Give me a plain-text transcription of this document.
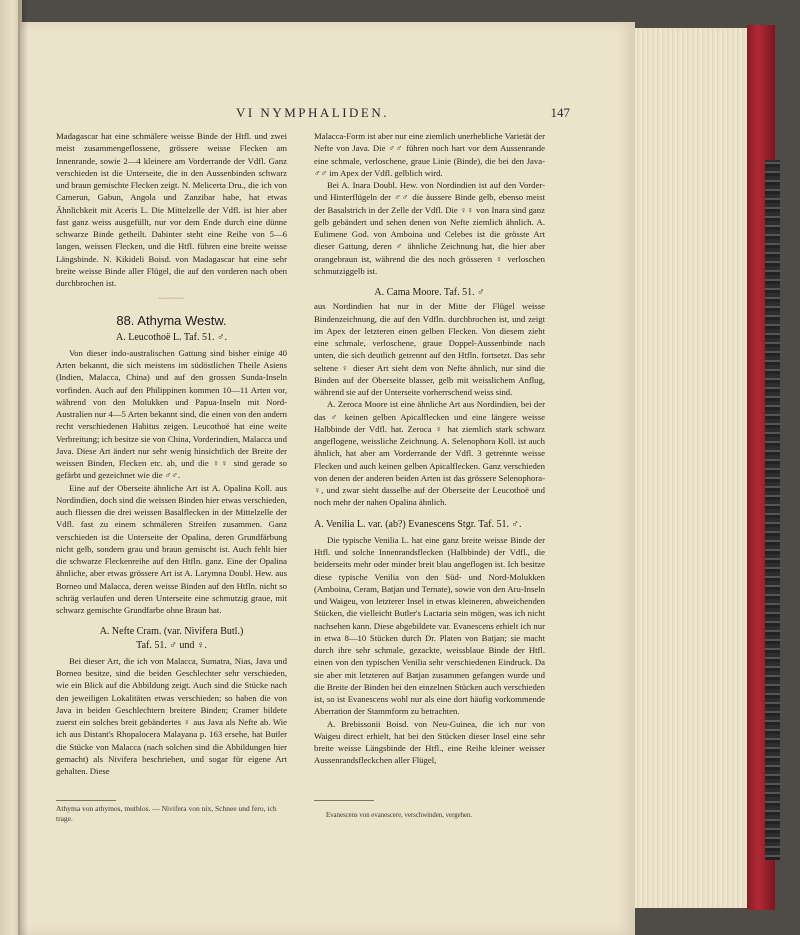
VI NYMPHALIDEN.	147

Madagascar hat eine schmälere weisse Binde der Htfl. und zwei meist zusammengeflossene, grössere weisse Flecken am Innenrande, sowie 2—4 kleinere am Vorderrande der Vdfl. Ganz verschieden ist die Unterseite, die in den Aussenbinden schwarz und braun gemischte Flecken zeigt. N. Melicerta Dru., die ich von Camerun, Gabun, Angola und Zanzibar habe, hat etwas Ähnlichkeit mit Aceris L. Die Mittelzelle der Vdfl. ist hier aber fast ganz weiss ausgefüllt, nur vor dem Ende durch eine dünne schwarze Binde getheilt. Dahinter steht eine Reihe von 5—6 langen, weissen Flecken, und die Htfl. führen eine breite weisse Längsbinde. N. Kikideli Boisd. von Madagascar hat eine sehr breite weisse Binde aller Flügel, die auf den vorderen nach oben durchbrochen ist.

~~~~~~
88. Athyma Westw.
A. Leucothoë L. Taf. 51. ♂.

Von dieser indo-australischen Gattung sind bisher einige 40 Arten bekannt, die sich meistens im südöstlichen Theile Asiens (Indien, Malacca, China) und auf den grossen Sunda-Inseln vorfinden. Auch auf den Philippinen kommen 10—11 Arten vor, während von den Molukken und Papua-Inseln mit Nord-Australien nur 4—5 Arten bekannt sind, die einen von den andern recht verschiedenen Habitus zeigen. Leucothoë hat eine weite Verbreitung; ich besitze sie von China, Vorderindien, Malacca und Java. Diese Art ändert nur sehr wenig hinsichtlich der Breite der weissen Binden, Flecken etc. ab, und die ♀♀ sind gerade so gefärbt und gezeichnet wie die ♂♂.

Eine auf der Oberseite ähnliche Art ist A. Opalina Koll. aus Nordindien, doch sind die weissen Binden hier etwas verschieden, auch fliessen die drei weissen Basalflecken in der Mittelzelle der Vdfl. fast zu einem schmäleren Streifen zusammen. Ganz verschieden ist die Unterseite der Opalina, deren Grundfärbung nicht gelb, sondern grau und braun gemischt ist. Auch fehlt hier die schwarze Fleckenreihe auf den Htfln. ganz. Eine der Opalina ähnliche, aber etwas grössere Art ist A. Larymna Doubl. Hew. aus Borneo und Malacca, deren weisse Binden auf den Htfln. nicht so schräg verlaufen und deren Unterseite eine schmutzig graue, mit schwarz gemischte Grundfarbe ohne Braun hat.

A. Nefte Cram. (var. Nivifera Butl.)
Taf. 51. ♂ und ♀.

Bei dieser Art, die ich von Malacca, Sumatra, Nias, Java und Borneo besitze, sind die beiden Geschlechter sehr verschieden, wie ein Blick auf die Abbildung zeigt. Auch sind die Stücke nach den jeweiligen Lokalitäten etwas verschieden; so haben die von Java in beiden Geschlechtern breitere Binden; Cramer bildete zuerst ein solches breit gebändertes ♀ aus Java als Nefte ab. Wie ich aus Distant's Rhopalocera Malayana p. 163 ersehe, hat Butler die Stücke von Malacca (nach solchen sind die Abbildungen hier gemacht) als Nivifera beschrieben, und sogar für eigene Art gehalten. Diese

Malacca-Form ist aber nur eine ziemlich unerhebliche Varietät der Nefte von Java. Die ♂♂ führen noch hart vor dem Aussenrande eine schmale, verloschene, graue Linie (Binde), die bei den Java-♂♂ im Apex der Vdfl. gelblich wird.

Bei A. Inara Doubl. Hew. von Nordindien ist auf den Vorder- und Hinterflügeln der ♂♂ die äussere Binde gelb, ebenso meist der Basalstrich in der Zelle der Vdfl. Die ♀♀ von Inara sind ganz gelb gebändert und sehen denen von Nefte ziemlich ähnlich. A. Eulimene God. von Amboina und Celebes ist die grösste Art dieser Gattung, deren ♂ ähnliche Zeichnung hat, die hier aber orangebraun ist, während die des noch grösseren ♀ verloschen schmutziggelb ist.

A. Cama Moore. Taf. 51. ♂

aus Nordindien hat nur in der Mitte der Flügel weisse Bindenzeichnung, die auf den Vdfln. durchbrochen ist, und zeigt im Apex der letzteren einen gelben Flecken. Von diesem zieht eine schmale, verloschene, graue Doppel-Aussenbinde nach unten, die sich deutlich getrennt auf den Htfln. fortsetzt. Das sehr seltene ♀ dieser Art sieht dem von Nefte ähnlich, nur sind die Binden auf der Oberseite blasser, gelb mit weisslichem Anflug, während sie auf der Unterseite vorherrschend weiss sind.

A. Zeroca Moore ist eine ähnliche Art aus Nordindien, bei der das ♂ keinen gelben Apicalflecken und eine längere weisse Halbbinde der Vdfl. hat. Zeroca ♀ hat ziemlich stark schwarz angeflogene, weissliche Zeichnung. A. Selenophora Koll. ist auch ähnlich, hat aber am Vorderrande der Vdfl. 3 getrennte weisse Flecken und auch keinen gelben Apicalflecken. Ganz verschieden von denen der anderen beiden Arten ist das grössere Selenophora-♀, und zwar sieht dasselbe auf der Oberseite der Leucothoë und noch mehr der nahen Opalina ähnlich.

A. Venilia L. var. (ab?) Evanescens Stgr. Taf. 51. ♂.

Die typische Venilia L. hat eine ganz breite weisse Binde der Htfl. und solche Innenrandsflecken (Halbbinde) der Vdfl., die beiderseits mehr oder minder breit blau angeflogen ist. Ich besitze diese typische Venilia von den Süd- und Nord-Molukken (Amboina, Ceram, Batjan und Ternate), sowie von den Aru-Inseln und Waigeu, von letzterer Insel in etwas kleineren, abweichenden Stücken, die vielleicht Butler's Lactaria sein mögen, was ich nicht nachsehen kann. Diese abgebildete var. Evanescens erhielt ich nur in etwa 8—10 Stücken durch Dr. Platen von Batjan; sie macht durch ihre sehr schmale, gezackte, weissblaue Binde der Htfl. einen von den typischen Venilia sehr verschiedenen Eindruck. Da sie aber mit letzteren auf Batjan zusammen gefangen wurde und die Breite der Binden bei den einzelnen Stücken auch verschieden ist, so ist Evanescens wohl nur als eine dort häufig vorkommende Aberration der Stammform zu betrachten.

A. Brebissonii Boisd. von Neu-Guinea, die ich nur von Waigeu direct erhielt, hat bei den Stücken dieser Insel eine sehr breite weisse Längsbinde der Htfl., eine Reihe kleiner weisser Aussenrandsfleckchen aller Flügel,

Athyma von athymos, mutblos. — Nivifera von nix, Schnee und fero, ich trage.	Evanescens von evanescere, verschwinden, vergehen.
